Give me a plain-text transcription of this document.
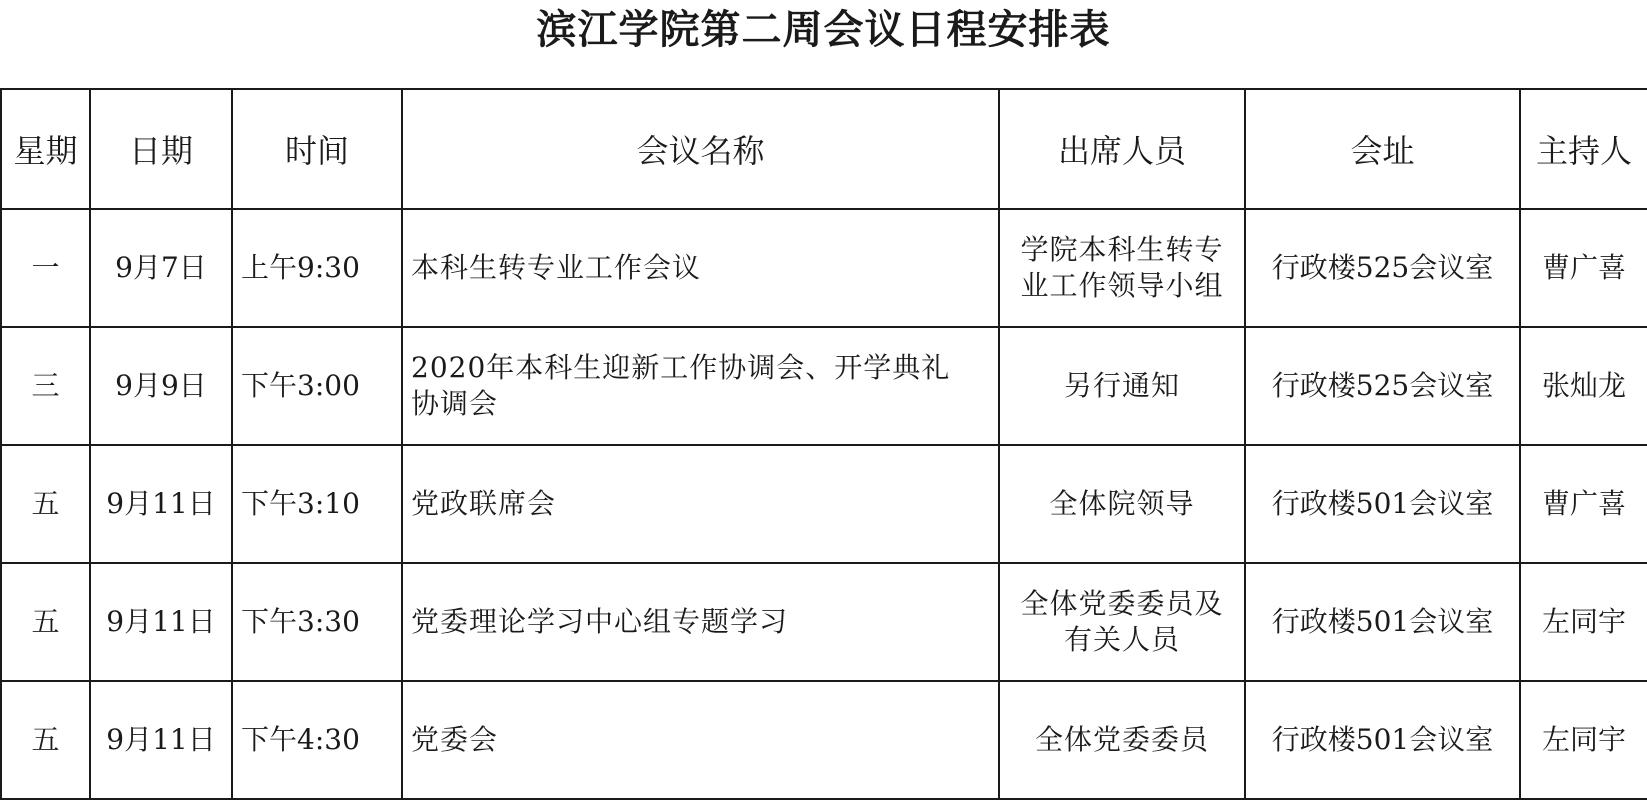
滨江学院第二周会议日程安排表
星期	日期	时间	会议名称	出席人员	会址	主持人
一	9月7日	上午9:30	本科生转专业工作会议	学院本科生转专业工作领导小组	行政楼525会议室	曹广喜
三	9月9日	下午3:00	2020年本科生迎新工作协调会、开学典礼协调会	另行通知	行政楼525会议室	张灿龙
五	9月11日	下午3:10	党政联席会	全体院领导	行政楼501会议室	曹广喜
五	9月11日	下午3:30	党委理论学习中心组专题学习	全体党委委员及有关人员	行政楼501会议室	左同宇
五	9月11日	下午4:30	党委会	全体党委委员	行政楼501会议室	左同宇
